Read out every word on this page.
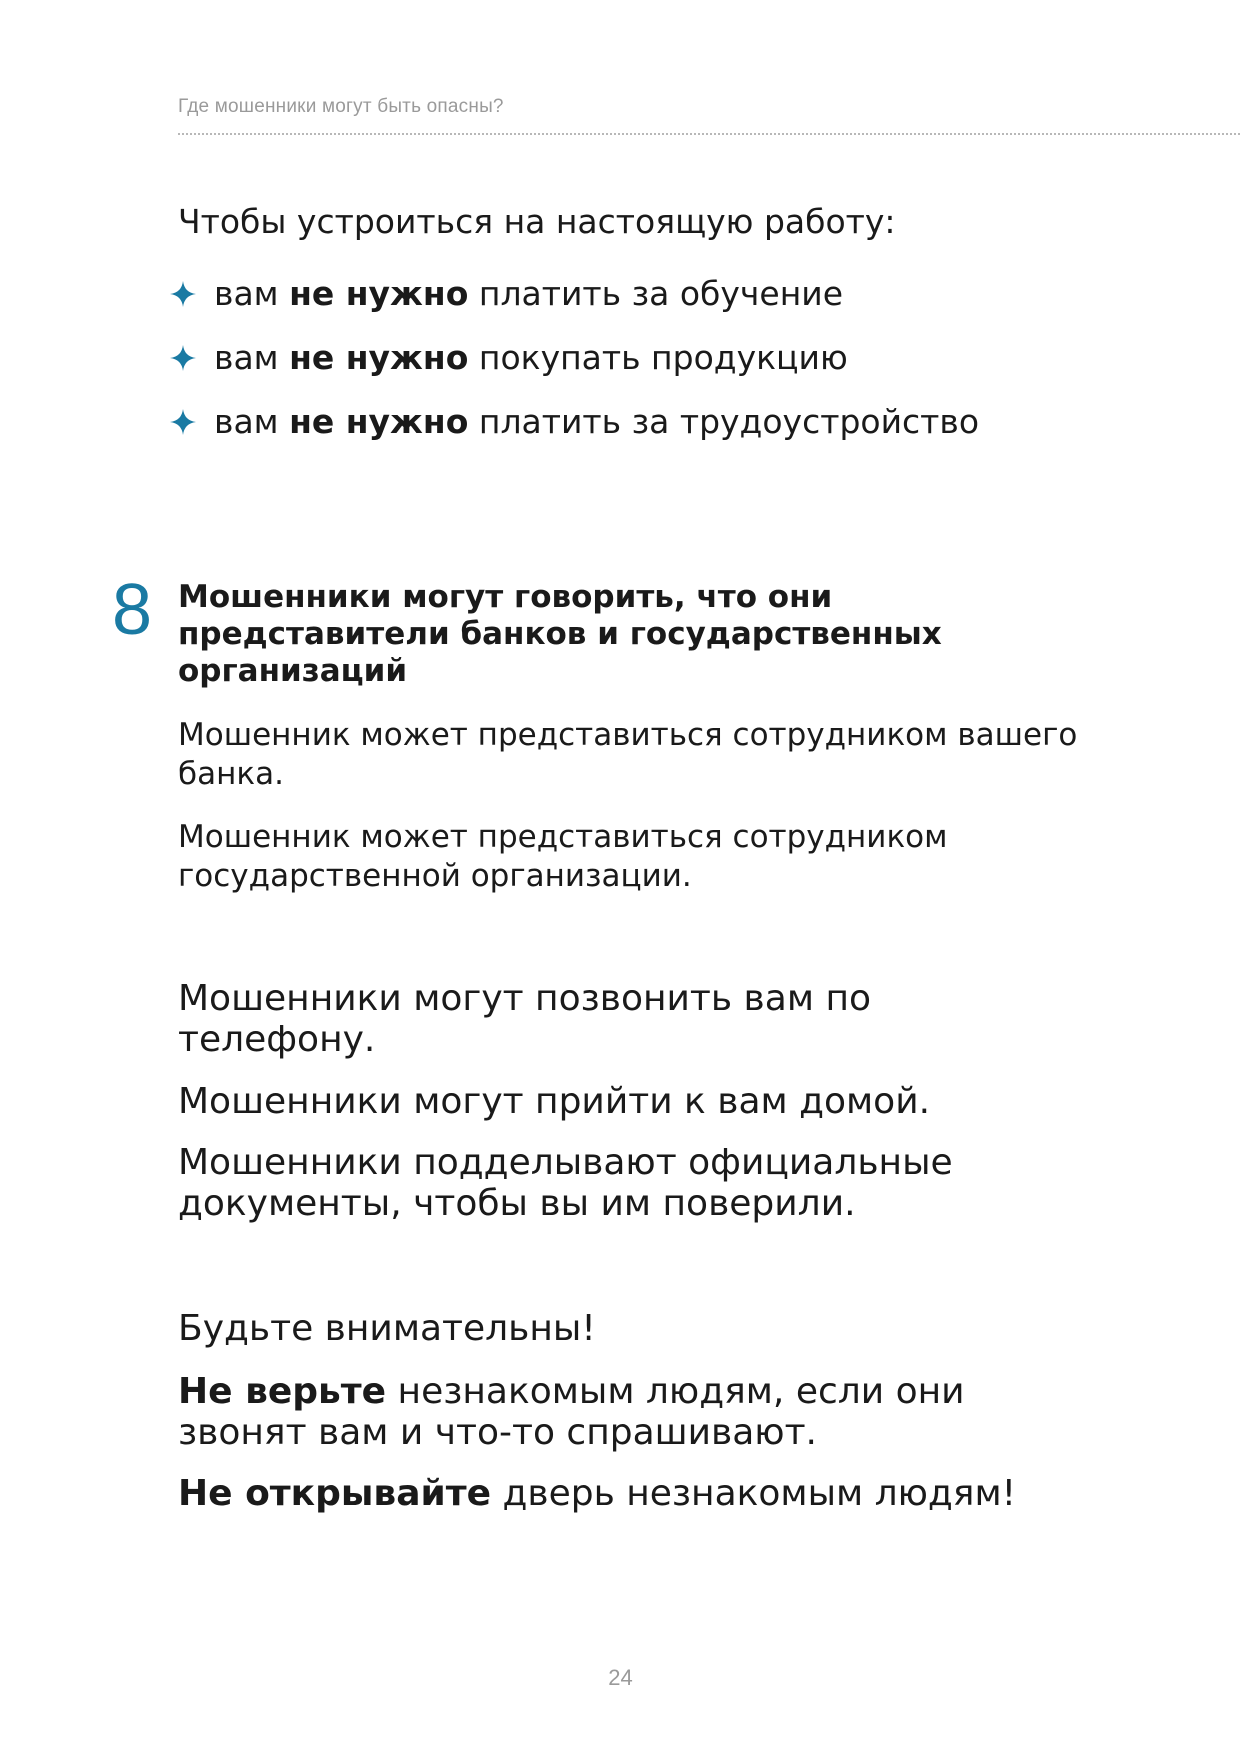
Где мошенники могут быть опасны?
Чтобы устроиться на настоящую работу:
вам
не нужно
платить за обучение
вам
не нужно
покупать продукцию
вам
не нужно
платить за трудоустройство
8 Мошенники могут говорить, что они представители банков и государственных организаций
Мошенник может представиться сотрудником вашего банка.
Мошенник может представиться сотрудником государственной организации.
Мошенники могут позвонить вам по телефону.
Мошенники могут прийти к вам домой.
Мошенники подделывают официальные документы, чтобы вы им поверили.
Будьте внимательны!
Не верьте незнакомым людям, если они звонят вам и что-то спрашивают.
Не открывайте дверь незнакомым людям!
24
